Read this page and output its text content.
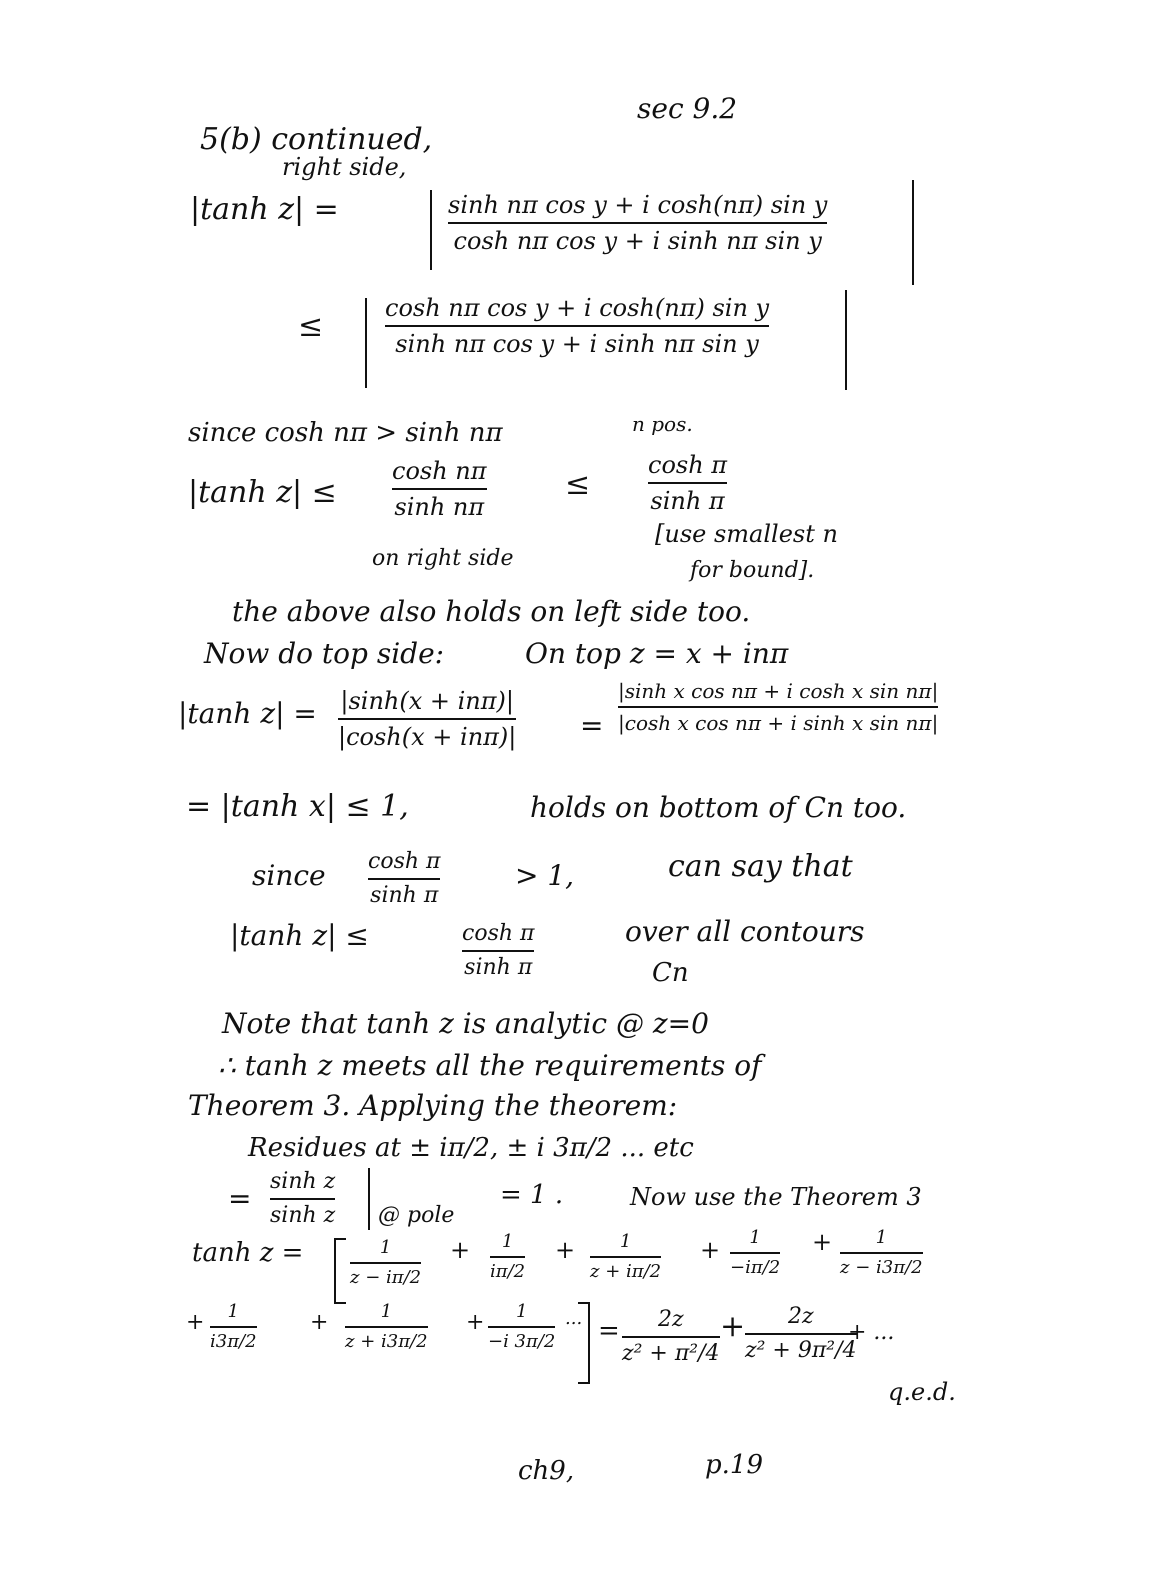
sec 9.2
5(b) continued,
right side,
|tanh z| =	sinh nπ cos y + i cosh(nπ) sin y
cosh nπ cos y + i sinh nπ sin y
≤
cosh nπ cos y + i cosh(nπ) sin y
sinh nπ cos y + i sinh nπ sin y
since cosh nπ > sinh nπ	n pos.
|tanh z| ≤
cosh nπ
sinh nπ
≤
cosh π
sinh π
on right side
[use smallest n
for bound].
the above also holds on left side too.
Now do top side:	On top z = x + inπ
|tanh z| = |sinh(x + inπ)|
|cosh(x + inπ)| =
|sinh x cos nπ + i cosh x sin nπ|
|cosh x cos nπ + i sinh x sin nπ|
= |tanh x| ≤ 1,	holds on bottom of Cn too.
since cosh π
sinh π
> 1,	can say that
|tanh z| ≤	cosh π
sinh π
over all contours
Cn
Note that tanh z is analytic @ z=0
∴ tanh z meets all the requirements of
Theorem 3. Applying the theorem:
Residues at ± iπ/2, ± i 3π/2 ... etc
=
sinh z
sinh z @ pole
= 1 .	Now use the Theorem 3
tanh z =	+	+	+	+
1
z − iπ/2
1
iπ/2
1
z + iπ/2
1
−iπ/2
1
z − i3π/2
+	+	+
1
i3π/2
1
z + i3π/2
1
−i 3π/2
... = 2z
z² + π²/4
+ 2z
z² + 9π²/4
+ ...
q.e.d.
ch9,	p.19
